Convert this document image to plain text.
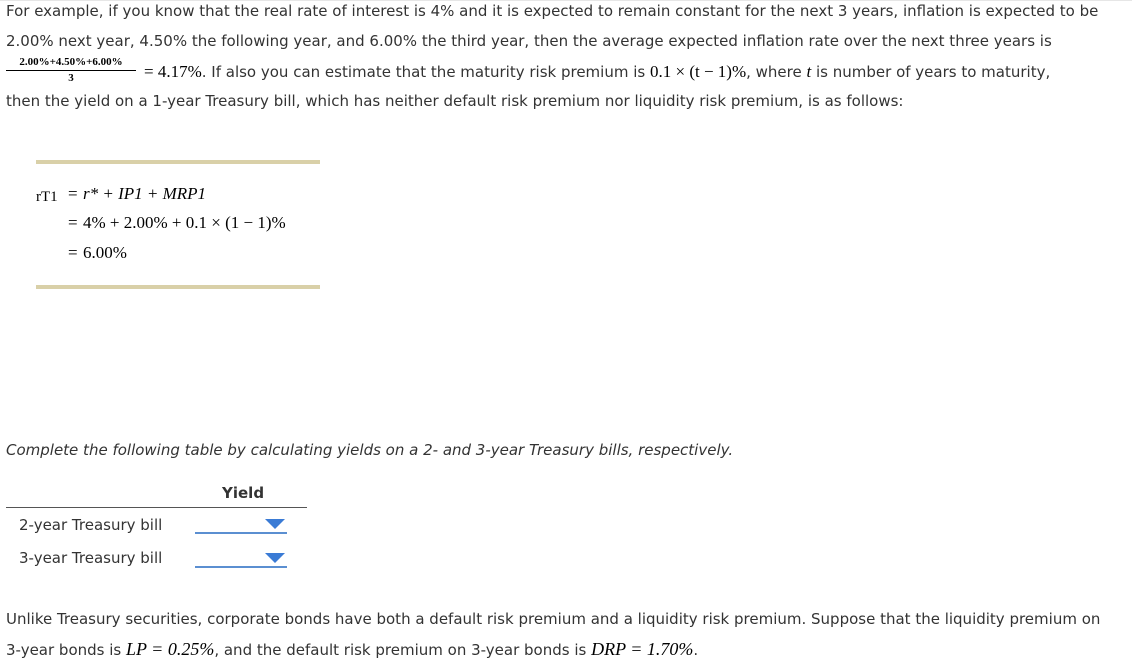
For example, if you know that the real rate of interest is 4% and it is expected to remain constant for the next 3 years, inflation is expected to be
2.00% next year, 4.50% the following year, and 6.00% the third year, then the average expected inflation rate over the next three years is
2.00%+4.50%+6.00%
3	= 4.17%. If also you can estimate that the maturity risk premium is 0.1 × (t − 1)%, where t is number of years to maturity,
then the yield on a 1-year Treasury bill, which has neither default risk premium nor liquidity risk premium, is as follows:
rT1 = r* + IP1 + MRP1
= 4% + 2.00% + 0.1 × (1 − 1)%
= 6.00%
Complete the following table by calculating yields on a 2- and 3-year Treasury bills, respectively.
Yield
2-year Treasury bill
3-year Treasury bill
Unlike Treasury securities, corporate bonds have both a default risk premium and a liquidity risk premium. Suppose that the liquidity premium on
3-year bonds is LP = 0.25%, and the default risk premium on 3-year bonds is DRP = 1.70%.
